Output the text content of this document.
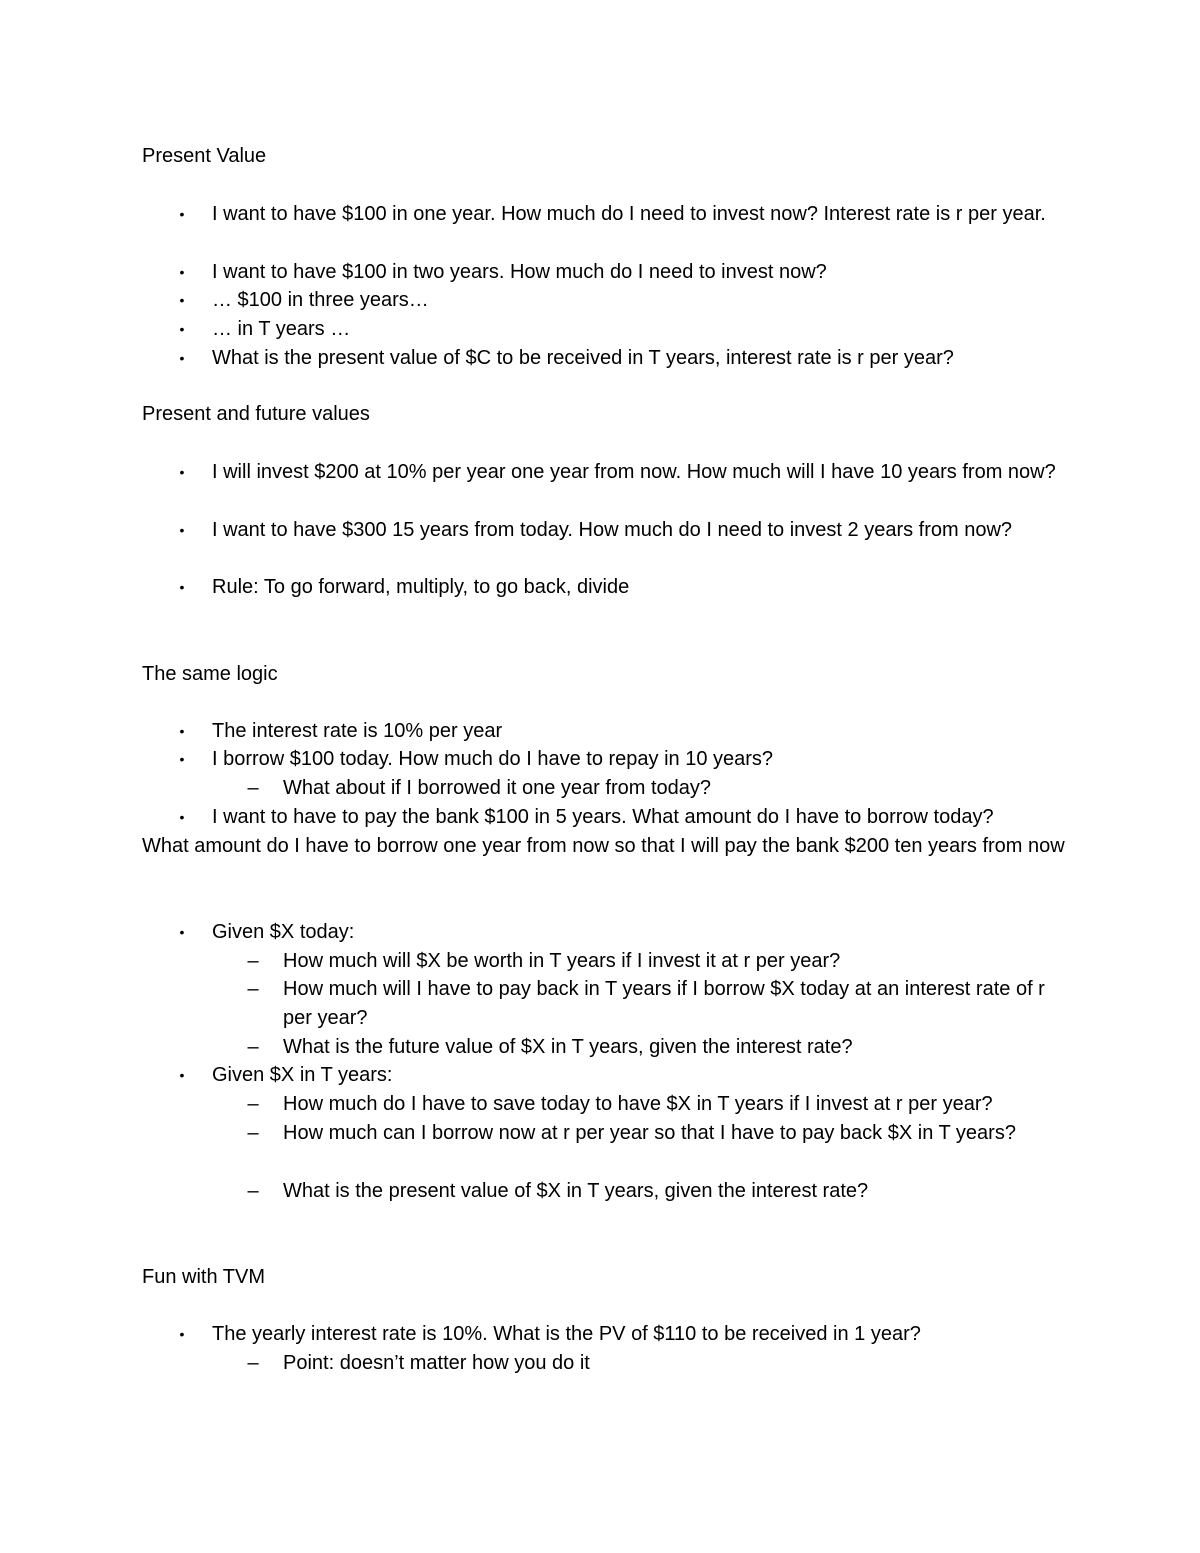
Present Value
•	I want to have $100 in one year. How much do I need to invest now? Interest rate is r per year.
•	I want to have $100 in two years. How much do I need to invest now?
•	… $100 in three years…
•	… in T years …
•	What is the present value of $C to be received in T years, interest rate is r per year?
Present and future values
•	I will invest $200 at 10% per year one year from now. How much will I have 10 years from now?
•	I want to have $300 15 years from today. How much do I need to invest 2 years from now?
•	Rule: To go forward, multiply, to go back, divide
The same logic
•	The interest rate is 10% per year
•	I borrow $100 today. How much do I have to repay in 10 years?
– What about if I borrowed it one year from today?
•	I want to have to pay the bank $100 in 5 years. What amount do I have to borrow today?
What amount do I have to borrow one year from now so that I will pay the bank $200 ten years from now
•	Given $X today:
– How much will $X be worth in T years if I invest it at r per year?
– How much will I have to pay back in T years if I borrow $X today at an interest rate of r per year?
– What is the future value of $X in T years, given the interest rate?
•	Given $X in T years:
– How much do I have to save today to have $X in T years if I invest at r per year?
– How much can I borrow now at r per year so that I have to pay back $X in T years?
– What is the present value of $X in T years, given the interest rate?
Fun with TVM
•	The yearly interest rate is 10%. What is the PV of $110 to be received in 1 year?
– Point: doesn’t matter how you do it
